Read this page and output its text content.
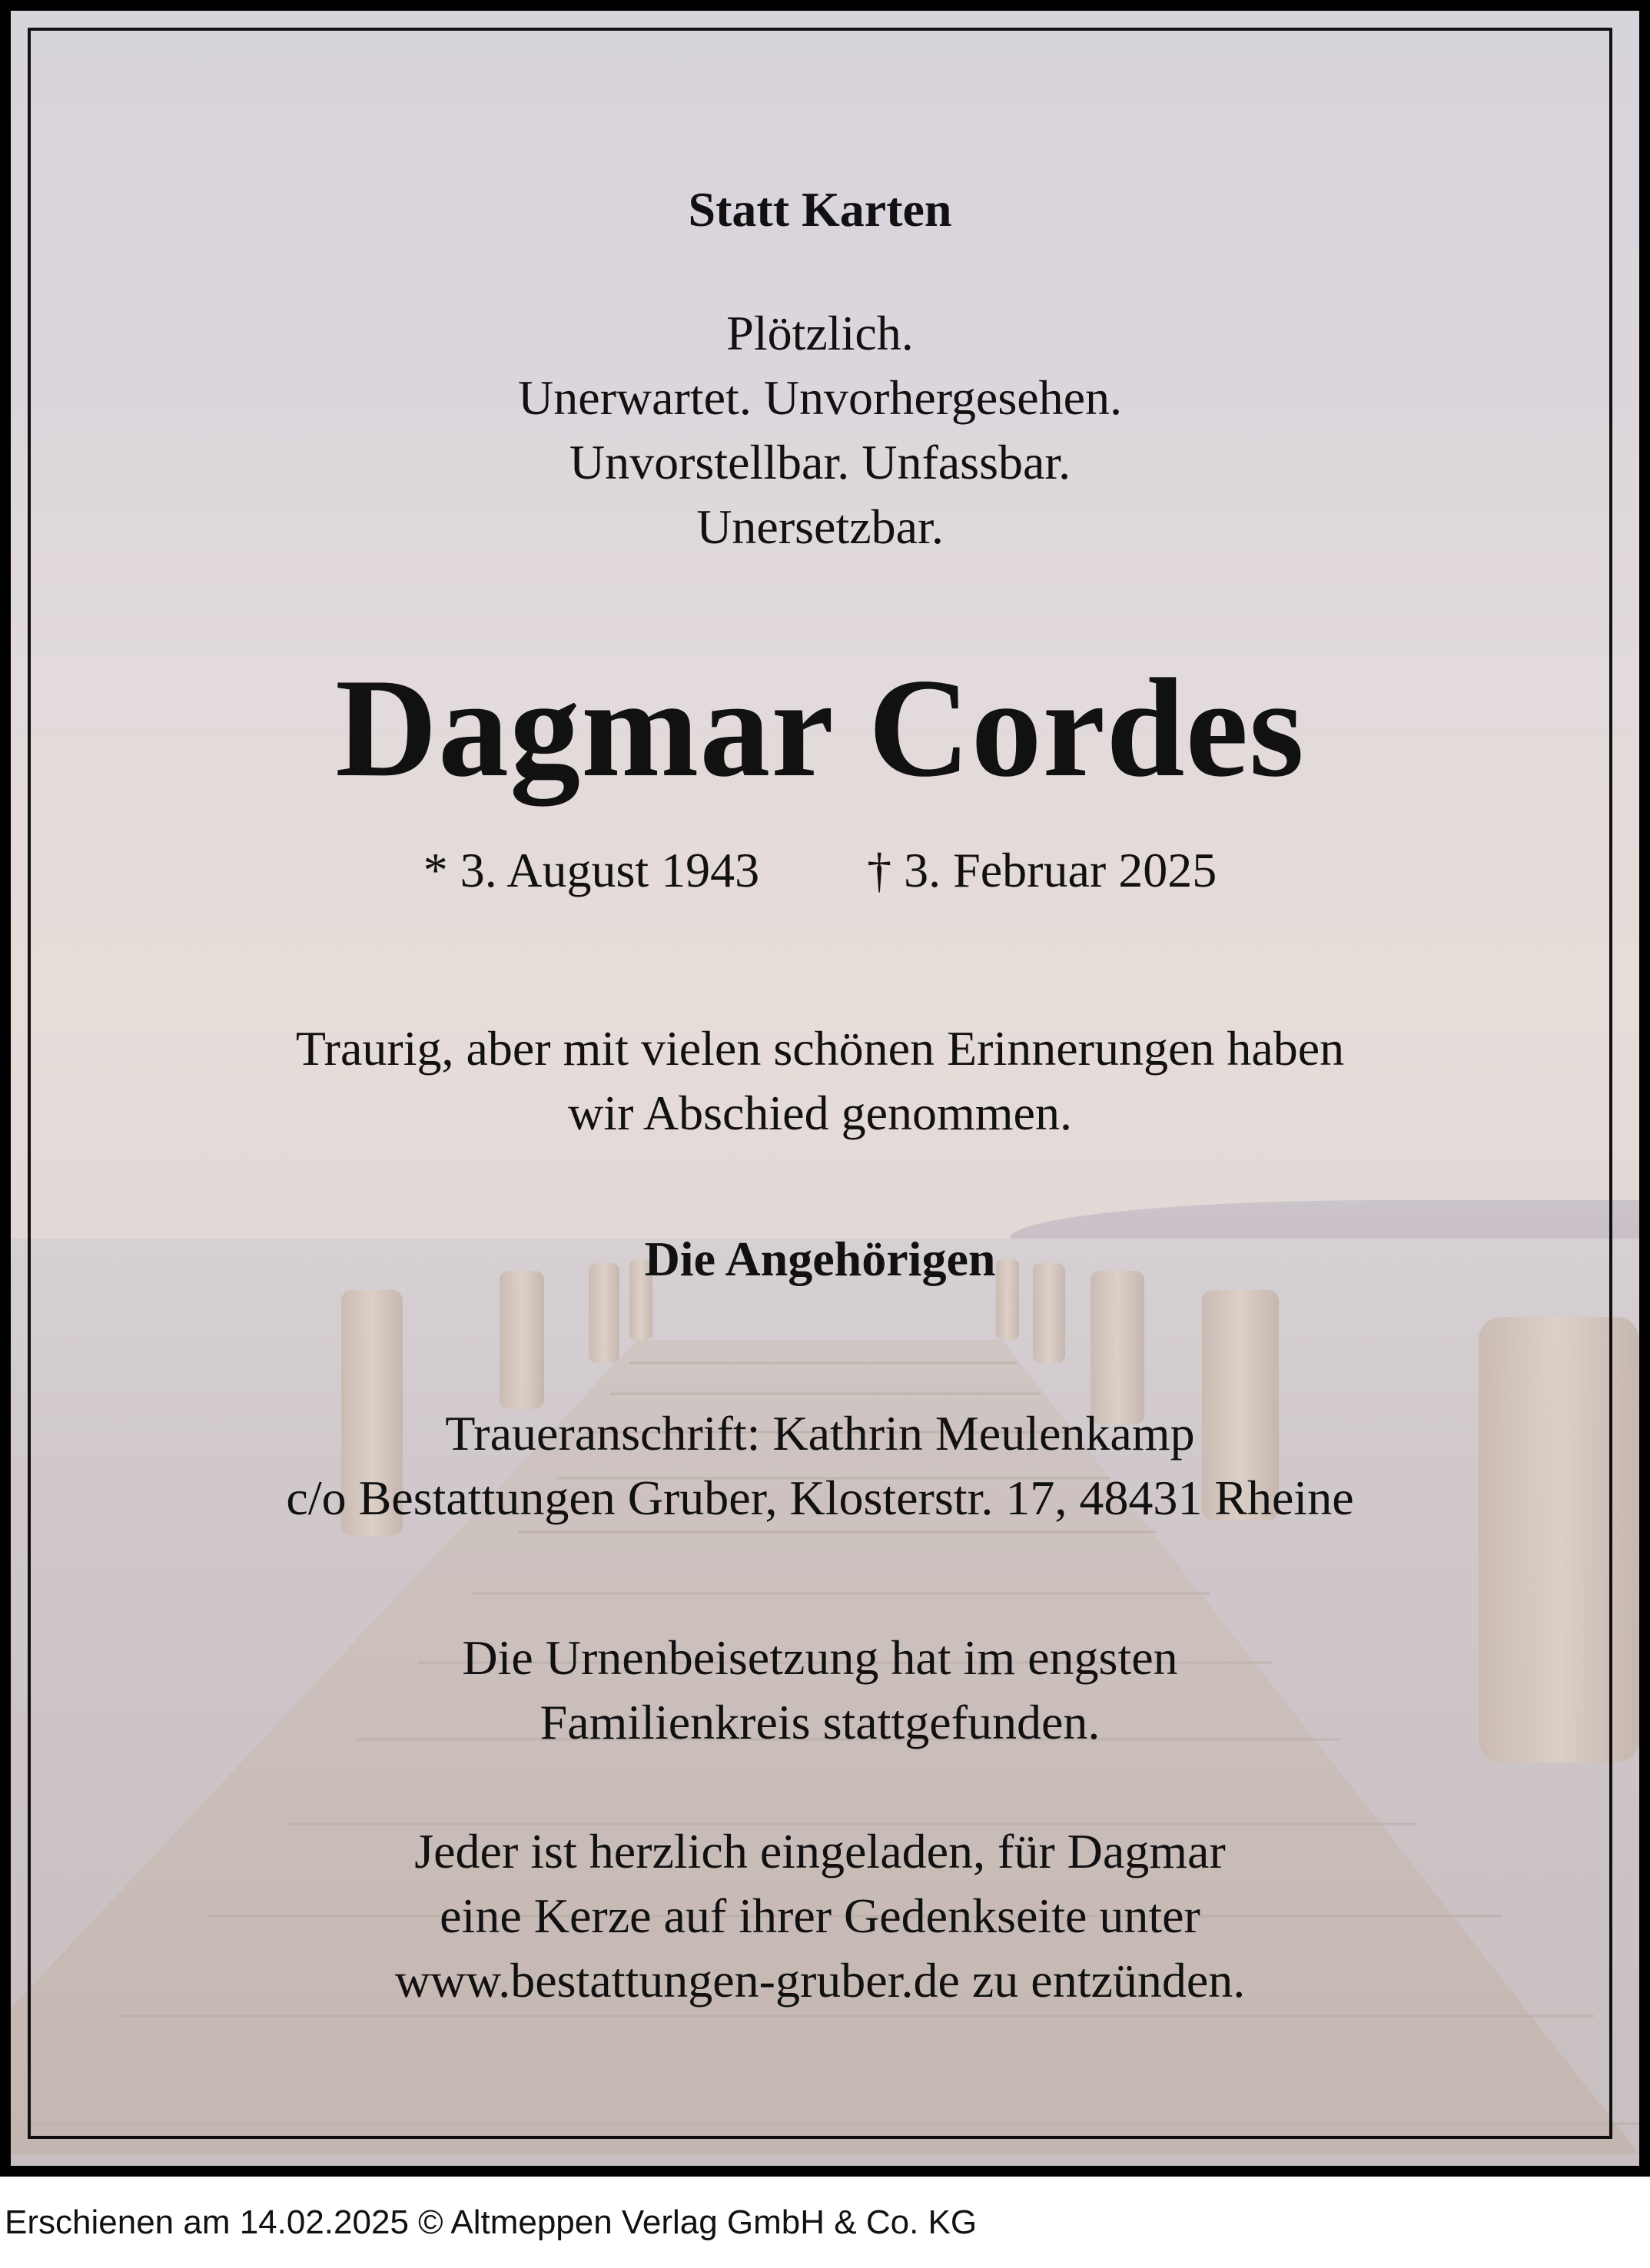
Statt Karten
Plötzlich.
Unerwartet. Unvorhergesehen.
Unvorstellbar. Unfassbar.
Unersetzbar.
Dagmar Cordes
* 3. August 1943 † 3. Februar 2025
Traurig, aber mit vielen schönen Erinnerungen haben
wir Abschied genommen.
Die Angehörigen
Traueranschrift: Kathrin Meulenkamp
c/o Bestattungen Gruber, Klosterstr. 17, 48431 Rheine
Die Urnenbeisetzung hat im engsten
Familienkreis stattgefunden.
Jeder ist herzlich eingeladen, für Dagmar
eine Kerze auf ihrer Gedenkseite unter
www.bestattungen-gruber.de zu entzünden.
Erschienen am 14.02.2025 © Altmeppen Verlag GmbH & Co. KG
